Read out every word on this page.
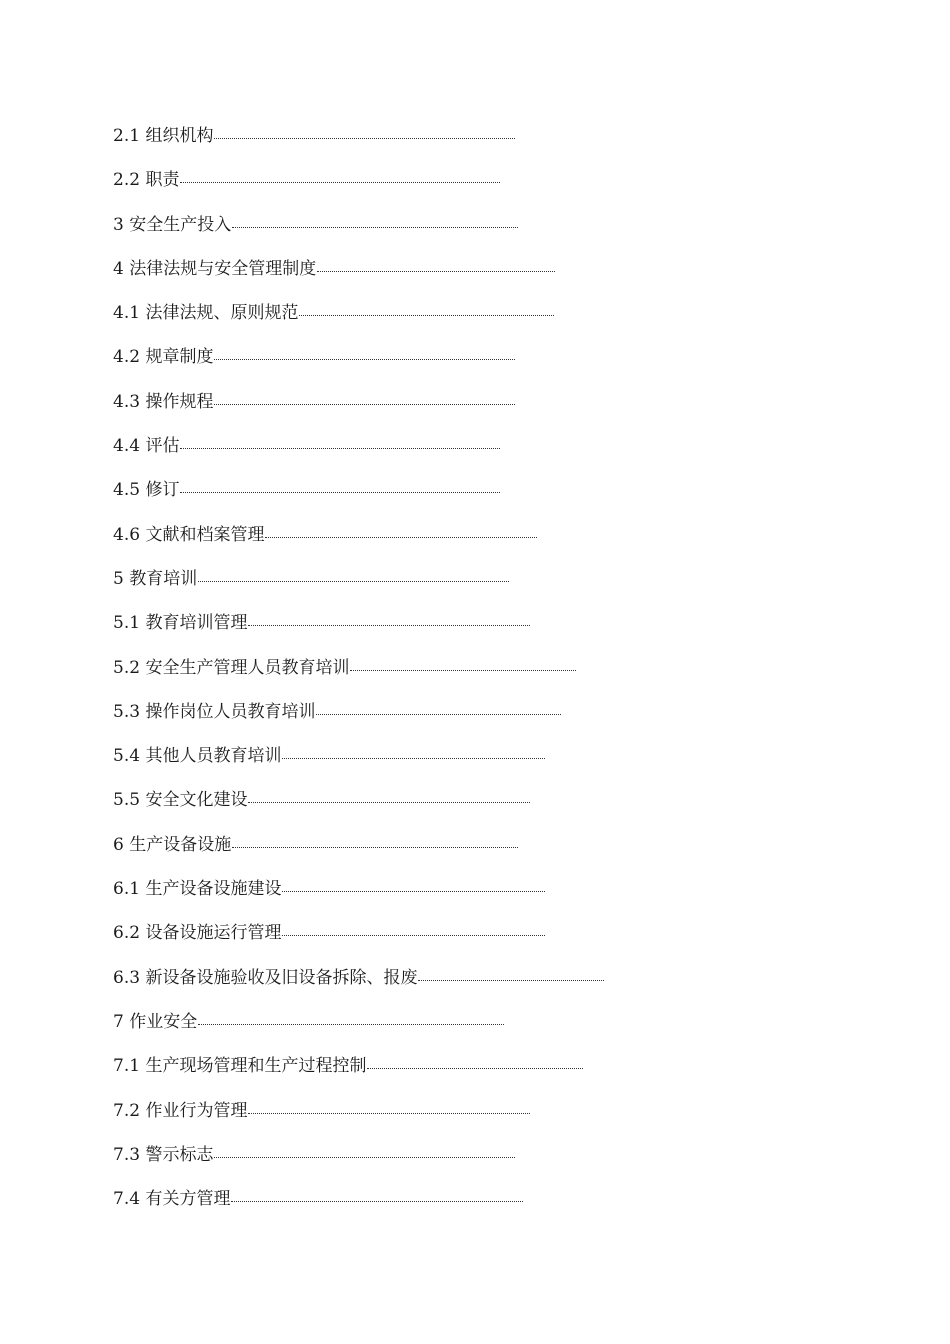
2.1 组织机构
2.2 职责
3 安全生产投入
4 法律法规与安全管理制度
4.1 法律法规、原则规范
4.2 规章制度
4.3 操作规程
4.4 评估
4.5 修订
4.6 文献和档案管理
5 教育培训
5.1 教育培训管理
5.2 安全生产管理人员教育培训
5.3 操作岗位人员教育培训
5.4 其他人员教育培训
5.5 安全文化建设
6 生产设备设施
6.1 生产设备设施建设
6.2 设备设施运行管理
6.3 新设备设施验收及旧设备拆除、报废
7 作业安全
7.1 生产现场管理和生产过程控制
7.2 作业行为管理
7.3 警示标志
7.4 有关方管理
